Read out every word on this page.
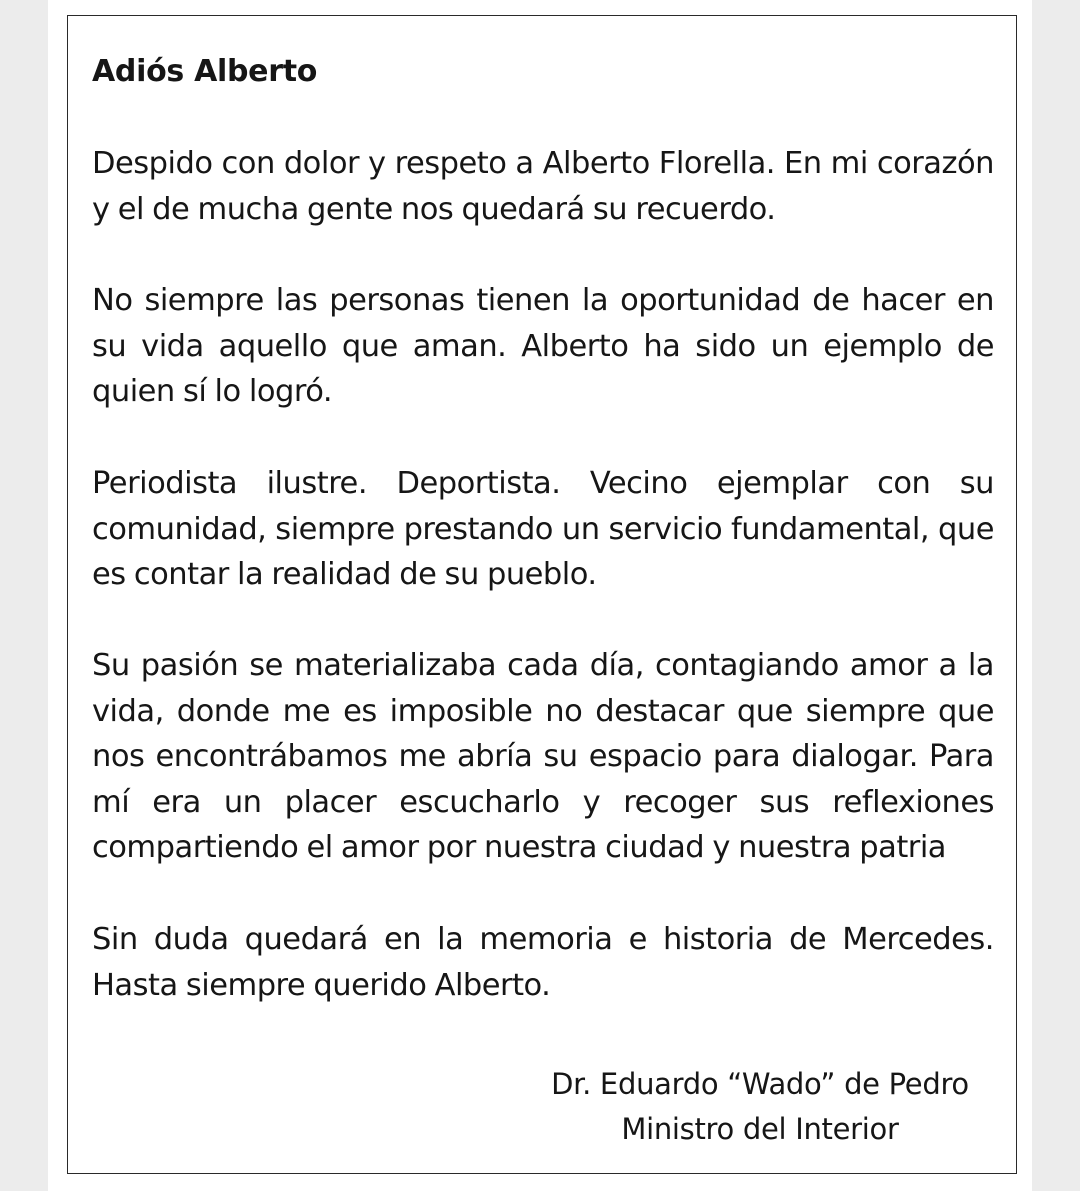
Adiós Alberto

Despido con dolor y respeto a Alberto Florella. En mi corazón y el de mucha gente nos quedará su recuerdo.

No siempre las personas tienen la oportunidad de hacer en su vida aquello que aman. Alberto ha sido un ejemplo de quien sí lo logró.

Periodista ilustre. Deportista. Vecino ejemplar con su comunidad, siempre prestando un servicio fundamental, que es contar la realidad de su pueblo.

Su pasión se materializaba cada día, contagiando amor a la vida, donde me es imposible no destacar que siempre que nos encontrábamos me abría su espacio para dialogar. Para mí era un placer escucharlo y recoger sus reflexiones compartiendo el amor por nuestra ciudad y nuestra patria

Sin duda quedará en la memoria e historia de Mercedes. Hasta siempre querido Alberto.

Dr. Eduardo “Wado” de Pedro
Ministro del Interior
